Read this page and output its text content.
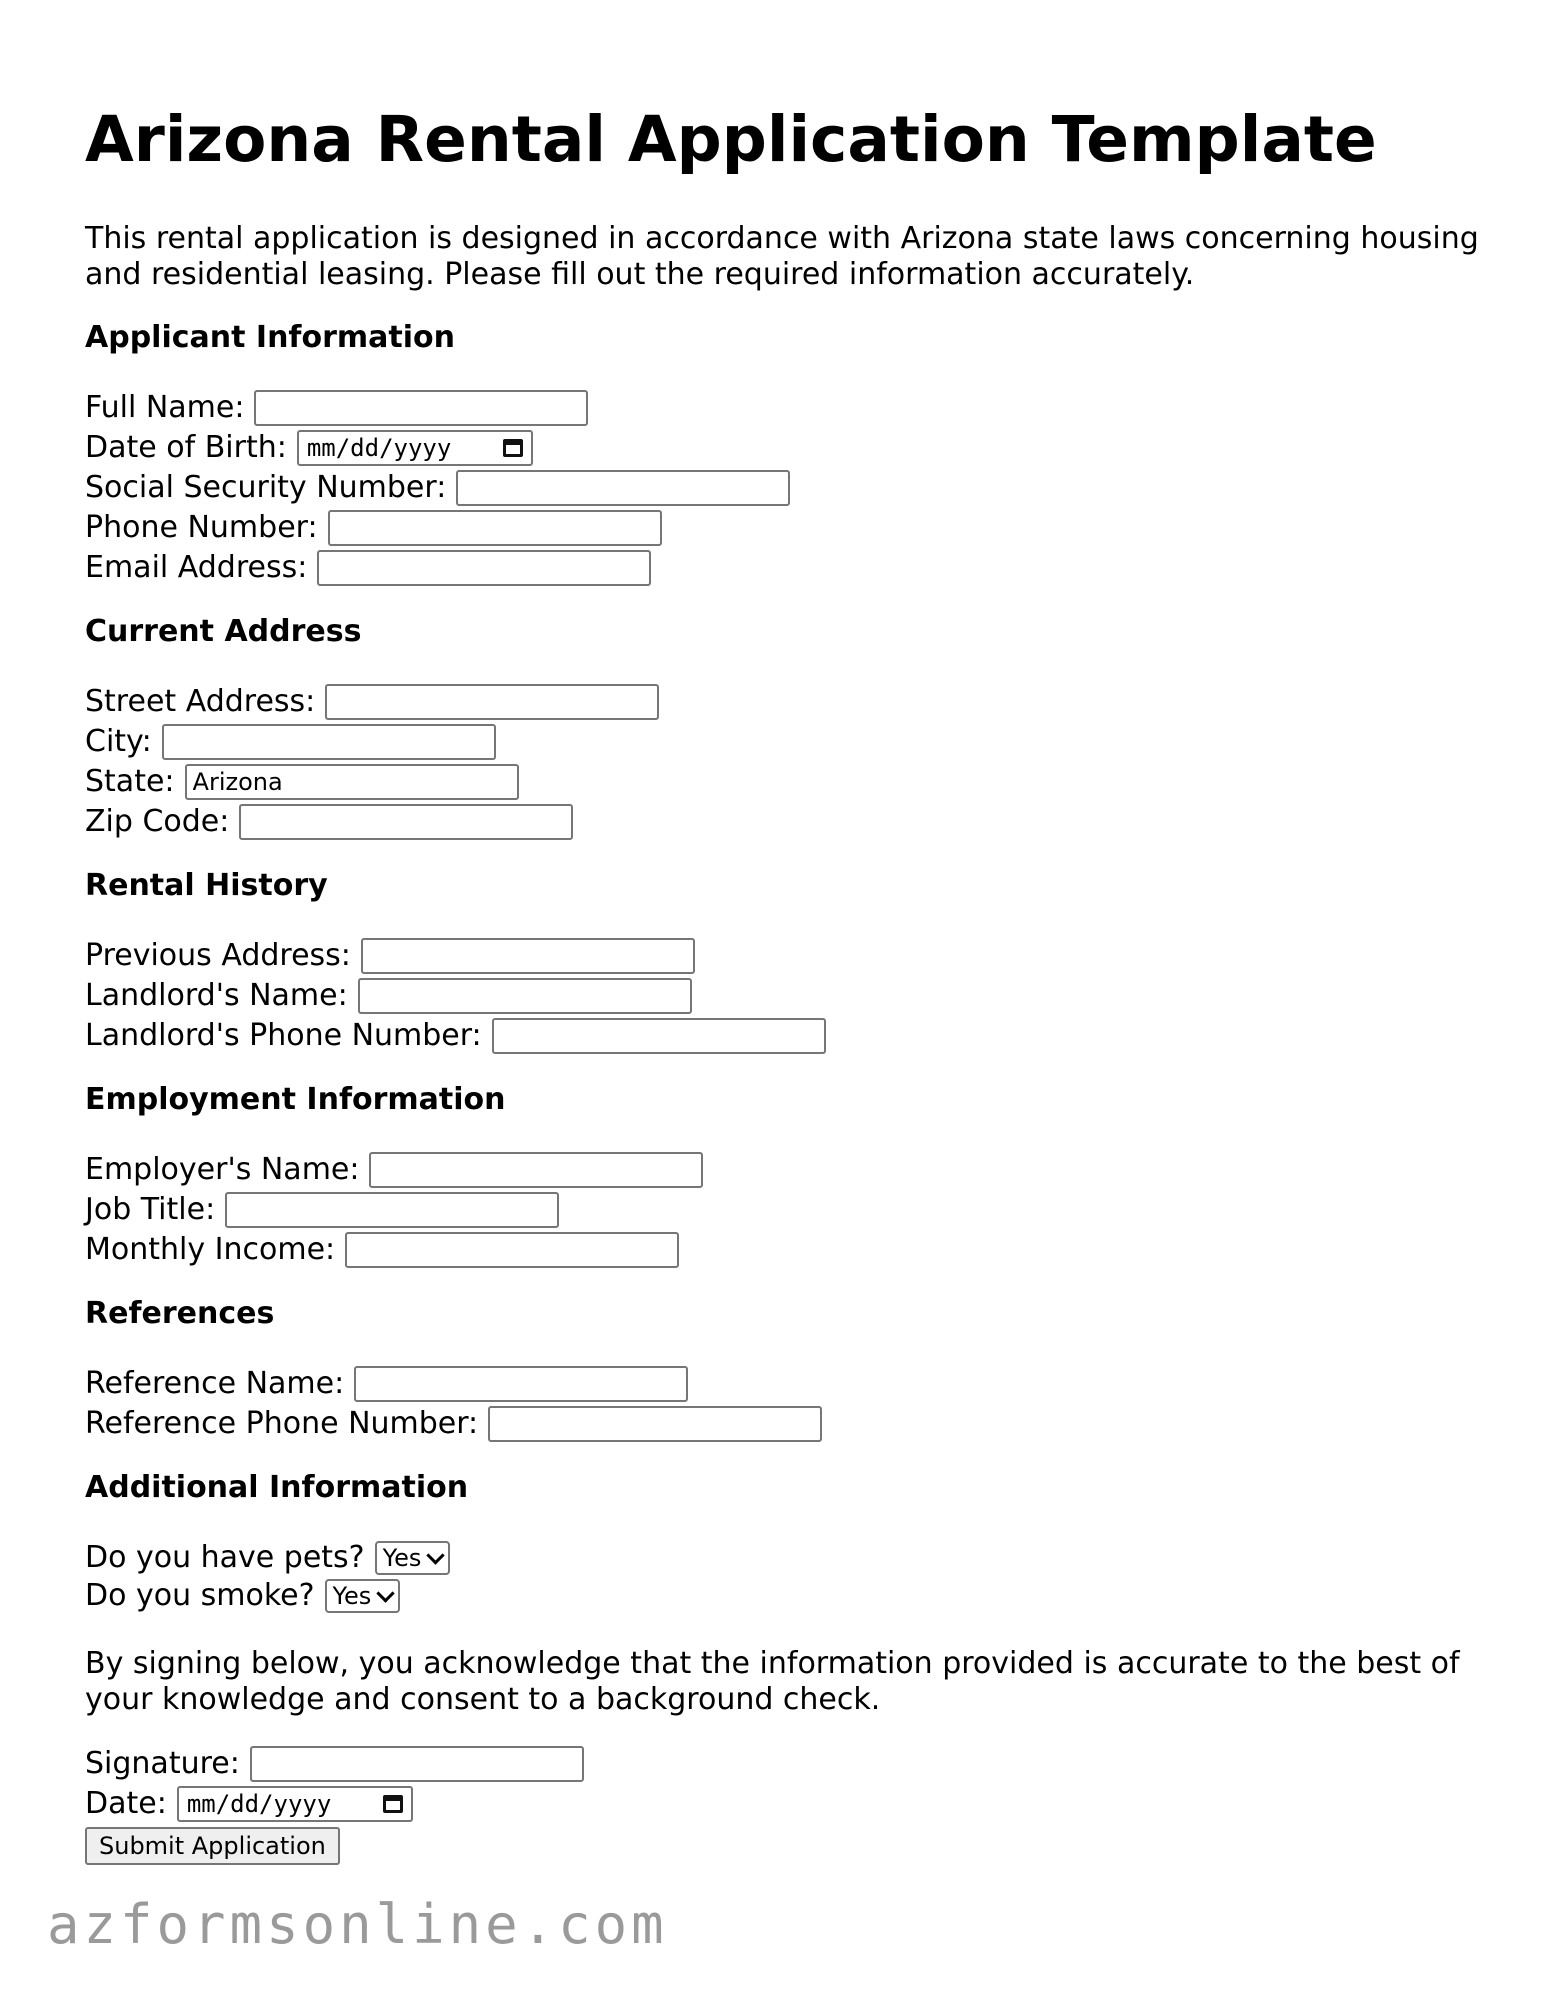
Arizona Rental Application Template

This rental application is designed in accordance with Arizona state laws concerning housing and residential leasing. Please fill out the required information accurately.

Applicant Information
Full Name:
Date of Birth: mm/dd/yyyy
Social Security Number:
Phone Number:
Email Address:
Current Address
Street Address:
City:
State:
Arizona
Zip Code:
Rental History
Previous Address:
Landlord's Name:
Landlord's Phone Number:
Employment Information
Employer's Name:
Job Title:
Monthly Income:
References
Reference Name:
Reference Phone Number:
Additional Information
Do you have pets? Yes
Do you smoke? Yes

By signing below, you acknowledge that the information provided is accurate to the best of your knowledge and consent to a background check.

Signature:
Date: mm/dd/yyyy
Submit Application
azformsonline.com
